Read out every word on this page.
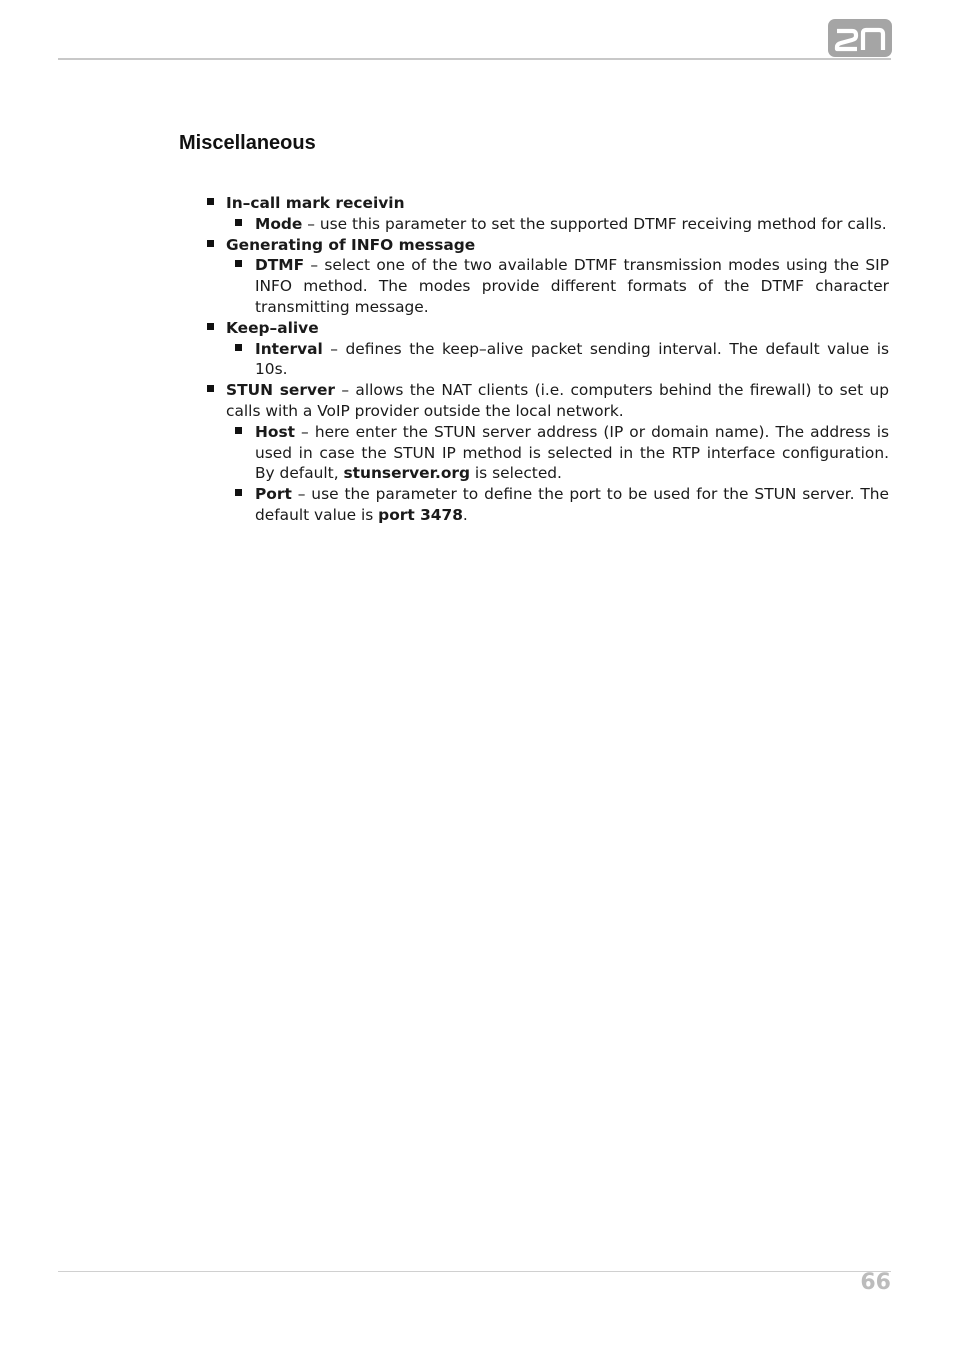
Miscellaneous
In–call mark receivin
Mode – use this parameter to set the supported DTMF receiving method for calls.
Generating of INFO message
DTMF – select one of the two available DTMF transmission modes using the SIP INFO method. The modes provide different formats of the DTMF character transmitting message.
Keep–alive
Interval – defines the keep–alive packet sending interval. The default value is 10s.
STUN server – allows the NAT clients (i.e. computers behind the firewall) to set up calls with a VoIP provider outside the local network.
Host – here enter the STUN server address (IP or domain name). The address is used in case the STUN IP method is selected in the RTP interface configuration. By default, stunserver.org is selected.
Port – use the parameter to define the port to be used for the STUN server. The default value is port 3478.
66
